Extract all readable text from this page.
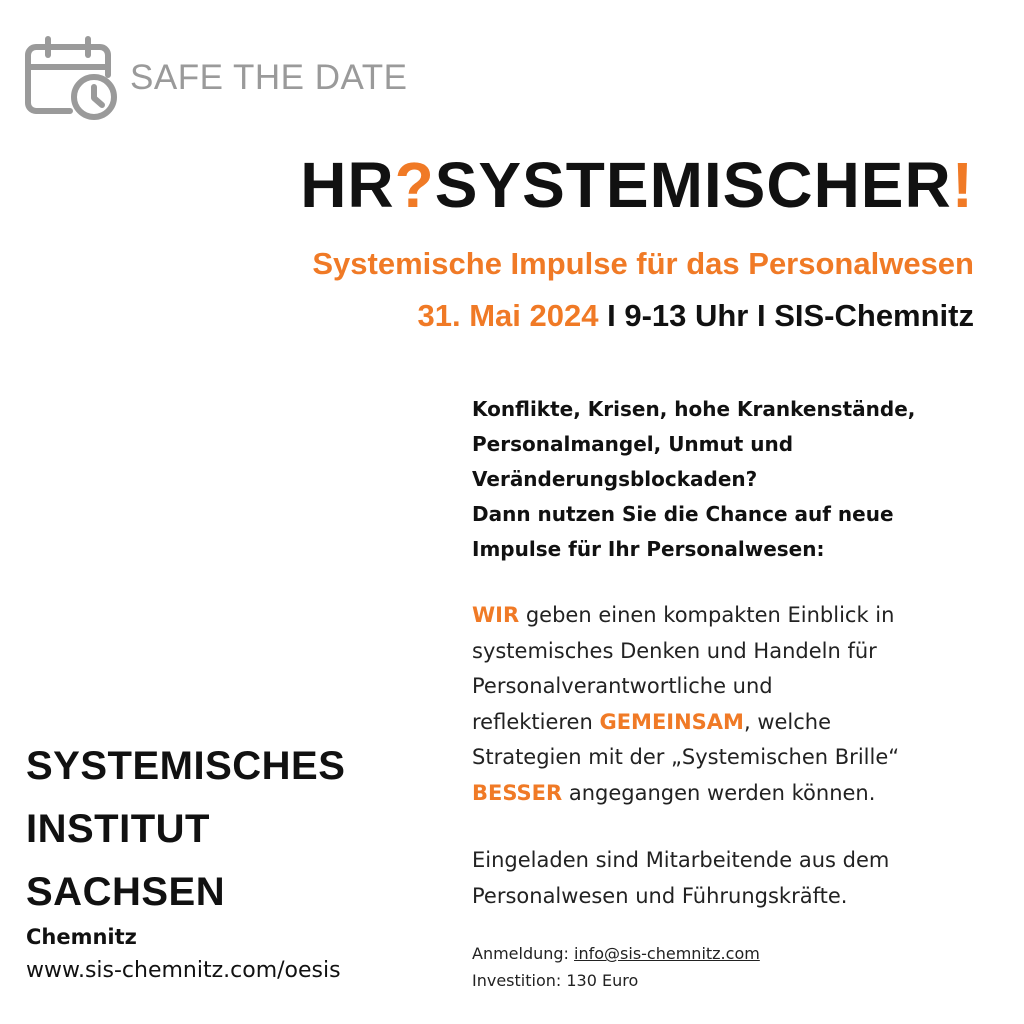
SAFE THE DATE
HR?SYSTEMISCHER!
Systemische Impulse für das Personalwesen
31. Mai 2024 I 9-13 Uhr I SIS-Chemnitz
Konflikte, Krisen, hohe Krankenstände,
Personalmangel, Unmut und
Veränderungsblockaden?
Dann nutzen Sie die Chance auf neue
Impulse für Ihr Personalwesen:
WIR geben einen kompakten Einblick in
systemisches Denken und Handeln für
Personalverantwortliche und
reflektieren GEMEINSAM, welche
Strategien mit der „Systemischen Brille“
BESSER angegangen werden können.
Eingeladen sind Mitarbeitende aus dem
Personalwesen und Führungskräfte.
Anmeldung: info@sis-chemnitz.com
Investition: 130 Euro
SYSTEMISCHES
INSTITUT
SACHSEN
Chemnitz
www.sis-chemnitz.com/oesis
